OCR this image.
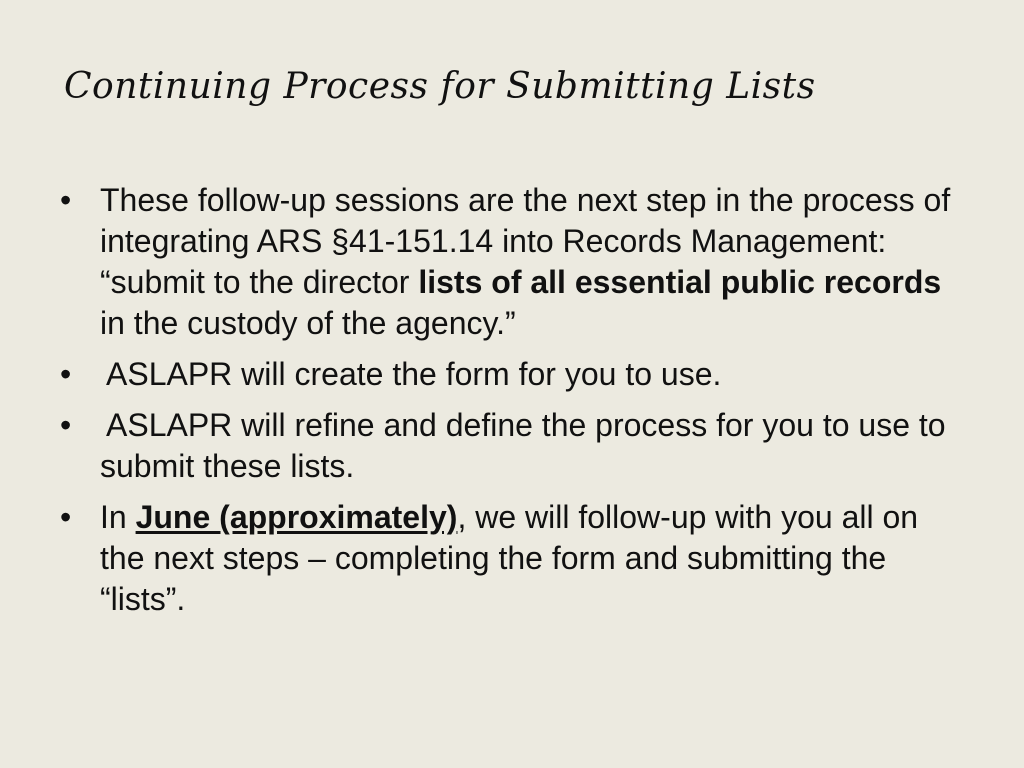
Continuing Process for Submitting Lists
• These follow-up sessions are the next step in the process of integrating ARS §41-151.14 into Records Management: “submit to the director lists of all essential public records in the custody of the agency.”
•	ASLAPR will create the form for you to use.
•	ASLAPR will refine and define the process for you to use to submit these lists.
• In June (approximately), we will follow-up with you all on the next steps – completing the form and submitting the “lists”.
